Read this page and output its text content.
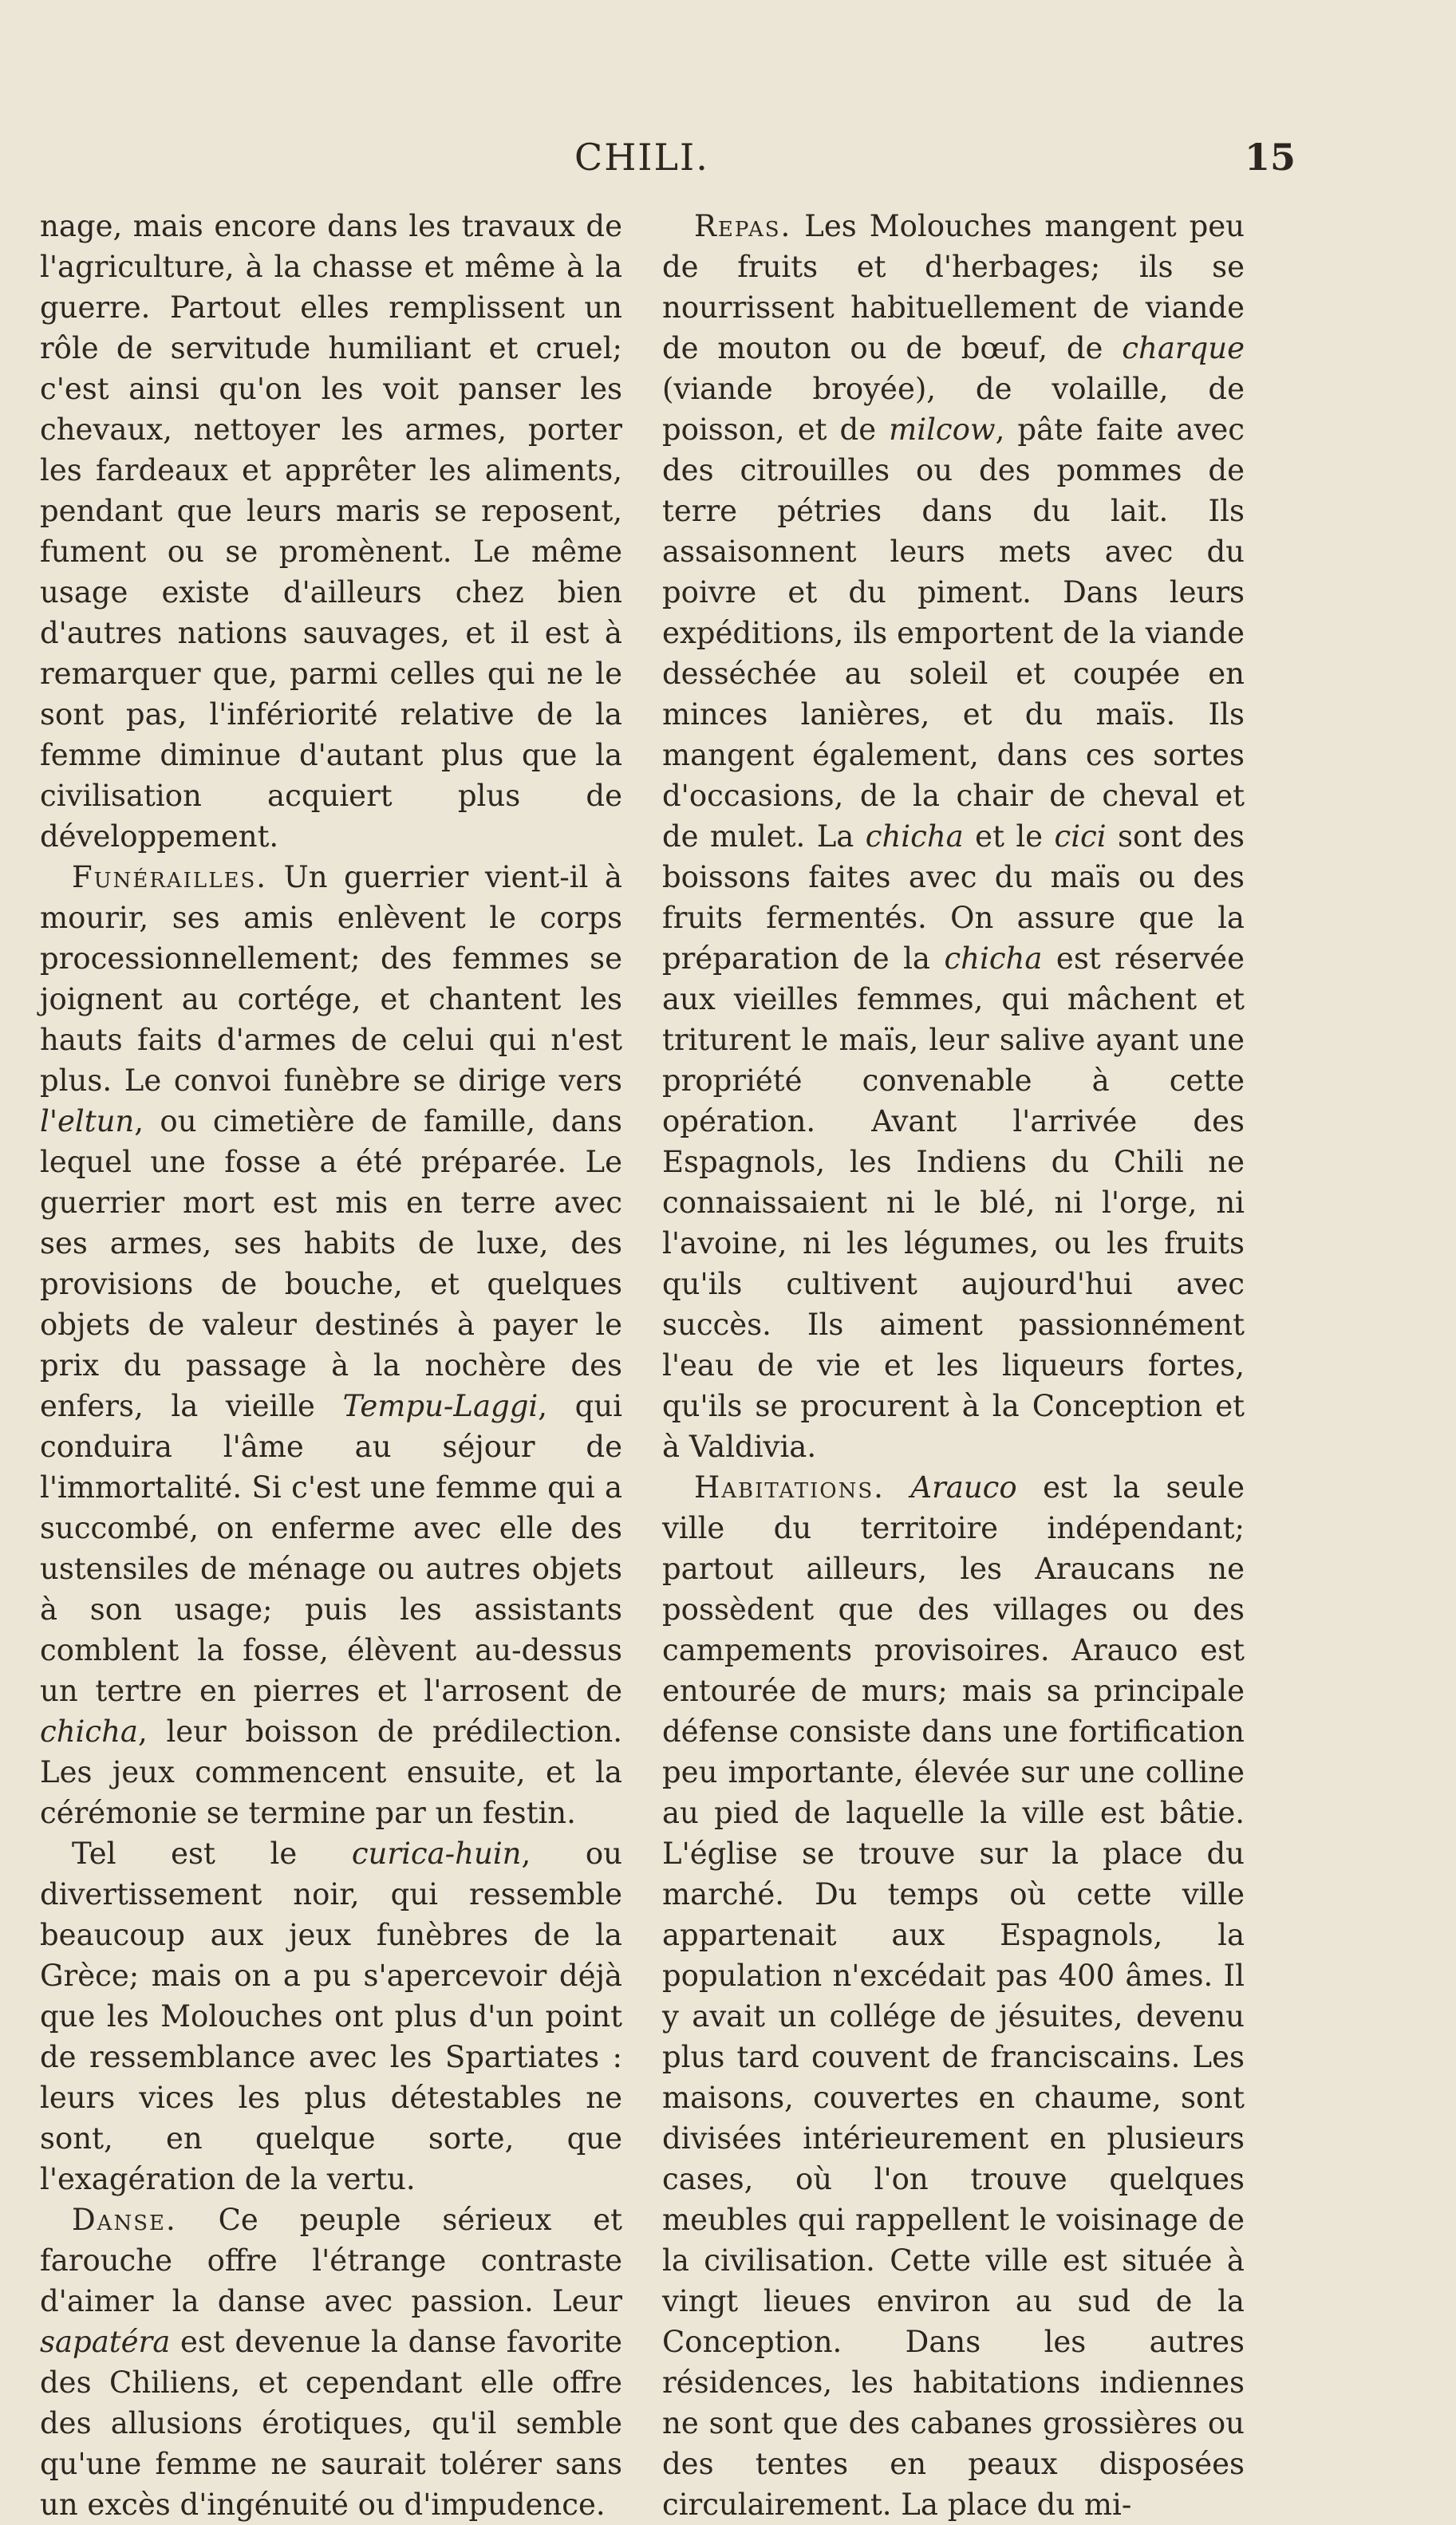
CHILI.	15

nage, mais encore dans les travaux de l'agriculture, à la chasse et même à la guerre. Partout elles remplissent un rôle de servitude humiliant et cruel; c'est ainsi qu'on les voit panser les chevaux, nettoyer les armes, porter les fardeaux et apprêter les aliments, pendant que leurs maris se reposent, fument ou se promènent. Le même usage existe d'ailleurs chez bien d'autres nations sauvages, et il est à remarquer que, parmi celles qui ne le sont pas, l'infériorité relative de la femme diminue d'autant plus que la civilisation acquiert plus de développement.

Funérailles. Un guerrier vient-il à mourir, ses amis enlèvent le corps processionnellement; des femmes se joignent au cortége, et chantent les hauts faits d'armes de celui qui n'est plus. Le convoi funèbre se dirige vers l'eltun, ou cimetière de famille, dans lequel une fosse a été préparée. Le guerrier mort est mis en terre avec ses armes, ses habits de luxe, des provisions de bouche, et quelques objets de valeur destinés à payer le prix du passage à la nochère des enfers, la vieille Tempu-Laggi, qui conduira l'âme au séjour de l'immortalité. Si c'est une femme qui a succombé, on enferme avec elle des ustensiles de ménage ou autres objets à son usage; puis les assistants comblent la fosse, élèvent au-dessus un tertre en pierres et l'arrosent de chicha, leur boisson de prédilection. Les jeux commencent ensuite, et la cérémonie se termine par un festin.

Tel est le curica-huin, ou divertissement noir, qui ressemble beaucoup aux jeux funèbres de la Grèce; mais on a pu s'apercevoir déjà que les Molouches ont plus d'un point de ressemblance avec les Spartiates : leurs vices les plus détestables ne sont, en quelque sorte, que l'exagération de la vertu.

Danse. Ce peuple sérieux et farouche offre l'étrange contraste d'aimer la danse avec passion. Leur sapatéra est devenue la danse favorite des Chiliens, et cependant elle offre des allusions érotiques, qu'il semble qu'une femme ne saurait tolérer sans un excès d'ingénuité ou d'impudence.

Repas. Les Molouches mangent peu de fruits et d'herbages; ils se nourrissent habituellement de viande de mouton ou de bœuf, de charque (viande broyée), de volaille, de poisson, et de milcow, pâte faite avec des citrouilles ou des pommes de terre pétries dans du lait. Ils assaisonnent leurs mets avec du poivre et du piment. Dans leurs expéditions, ils emportent de la viande desséchée au soleil et coupée en minces lanières, et du maïs. Ils mangent également, dans ces sortes d'occasions, de la chair de cheval et de mulet. La chicha et le cici sont des boissons faites avec du maïs ou des fruits fermentés. On assure que la préparation de la chicha est réservée aux vieilles femmes, qui mâchent et triturent le maïs, leur salive ayant une propriété convenable à cette opération. Avant l'arrivée des Espagnols, les Indiens du Chili ne connaissaient ni le blé, ni l'orge, ni l'avoine, ni les légumes, ou les fruits qu'ils cultivent aujourd'hui avec succès. Ils aiment passionnément l'eau de vie et les liqueurs fortes, qu'ils se procurent à la Conception et à Valdivia.

Habitations. Arauco est la seule ville du territoire indépendant; partout ailleurs, les Araucans ne possèdent que des villages ou des campements provisoires. Arauco est entourée de murs; mais sa principale défense consiste dans une fortification peu importante, élevée sur une colline au pied de laquelle la ville est bâtie. L'église se trouve sur la place du marché. Du temps où cette ville appartenait aux Espagnols, la population n'excédait pas 400 âmes. Il y avait un collége de jésuites, devenu plus tard couvent de franciscains. Les maisons, couvertes en chaume, sont divisées intérieurement en plusieurs cases, où l'on trouve quelques meubles qui rappellent le voisinage de la civilisation. Cette ville est située à vingt lieues environ au sud de la Conception. Dans les autres résidences, les habitations indiennes ne sont que des cabanes grossières ou des tentes en peaux disposées circulairement. La place du mi-
